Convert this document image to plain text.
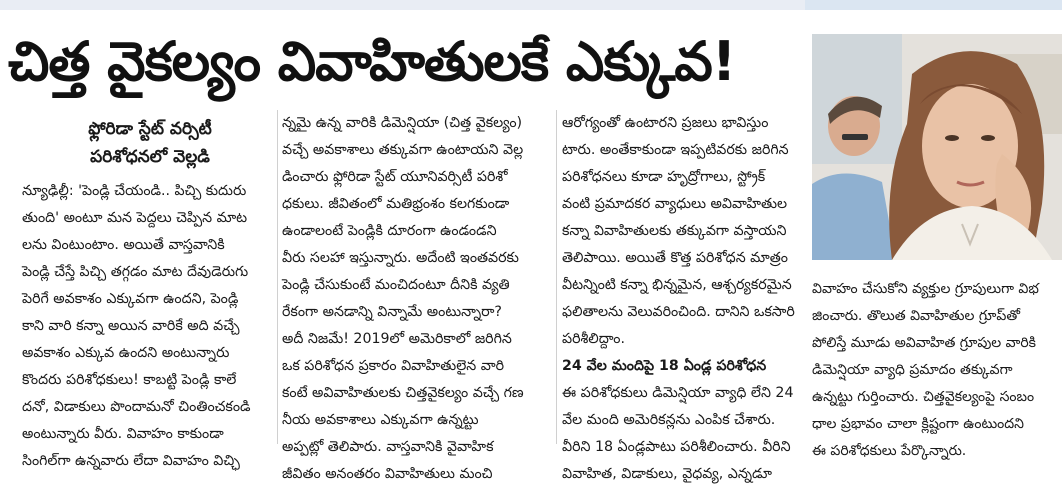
చిత్త వైకల్యం వివాహితులకే ఎక్కువ!
ఫ్లోరిడా స్టేట్ వర్సిటీ
పరిశోధనలో వెల్లడి

న్యూఢిల్లీ: 'పెండ్లి చేయండి.. పిచ్చి కుదురు

తుంది' అంటూ మన పెద్దలు చెప్పిన మాట

లను వింటుంటాం. అయితే వాస్తవానికి

పెండ్లి చేస్తే పిచ్చి తగ్గడం మాట దేవుడెరుగు

పెరిగే అవకాశం ఎక్కువగా ఉందని, పెండ్లి

కాని వారి కన్నా అయిన వారికే అది వచ్చే

అవకాశం ఎక్కువ ఉందని అంటున్నారు

కొందరు పరిశోధకులు! కాబట్టి పెండ్లి కాలే

దనో, విడాకులు పొందామనో చింతించకండి

అంటున్నారు వీరు. వివాహం కాకుండా

సింగిల్‌గా ఉన్నవారు లేదా వివాహం విచ్ఛి

న్నమై ఉన్న వారికి డిమెన్షియా (చిత్త వైకల్యం)

వచ్చే అవకాశాలు తక్కువగా ఉంటాయని వెల్ల

డించారు ఫ్లోరిడా స్టేట్ యూనివర్సిటీ పరిశో

ధకులు. జీవితంలో మతిభ్రంశం కలగకుండా

ఉండాలంటే పెండ్లికి దూరంగా ఉండండని

వీరు సలహా ఇస్తున్నారు. అదేంటి ఇంతవరకు

పెండ్లి చేసుకుంటే మంచిదంటూ దీనికి వ్యతి

రేకంగా అనడాన్ని విన్నామే అంటున్నారా?

అదీ నిజమే! 2019లో అమెరికాలో జరిగిన

ఒక పరిశోధన ప్రకారం వివాహితులైన వారి

కంటే అవివాహితులకు చిత్తవైకల్యం వచ్చే గణ

నీయ అవకాశాలు ఎక్కువగా ఉన్నట్టు

అప్పట్లో తెలిపారు. వాస్తవానికి వైవాహిక

జీవితం అనంతరం వివాహితులు మంచి

ఆరోగ్యంతో ఉంటారని ప్రజలు భావిస్తుం

టారు. అంతేకాకుండా ఇప్పటివరకు జరిగిన

పరిశోధనలు కూడా హృద్రోగాలు, స్ట్రోక్

వంటి ప్రమాదకర వ్యాధులు అవివాహితుల

కన్నా వివాహితులకు తక్కువగా వస్తాయని

తెలిపాయి. అయితే కొత్త పరిశోధన మాత్రం

వీటన్నింటి కన్నా భిన్నమైన, ఆశ్చర్యకరమైన

ఫలితాలను వెలువరించింది. దానిని ఒకసారి

పరిశీలిద్దాం.

24 వేల మందిపై 18 ఏండ్ల పరిశోధన

ఈ పరిశోధకులు డిమెన్షియా వ్యాధి లేని 24

వేల మంది అమెరికన్లను ఎంపిక చేశారు.

వీరిని 18 ఏండ్లపాటు పరిశీలించారు. వీరిని

వివాహిత, విడాకులు, వైధవ్య, ఎన్నడూ

వివాహం చేసుకోని వ్యక్తుల గ్రూపులుగా విభ

జించారు. తొలుత వివాహితుల గ్రూప్‌తో

పోలిస్తే మూడు అవివాహిత గ్రూపుల వారికి

డిమెన్షియా వ్యాధి ప్రమాదం తక్కువగా

ఉన్నట్టు గుర్తించారు. చిత్తవైకల్యంపై సంబం

ధాల ప్రభావం చాలా క్లిష్టంగా ఉంటుందని

ఈ పరిశోధకులు పేర్కొన్నారు.
